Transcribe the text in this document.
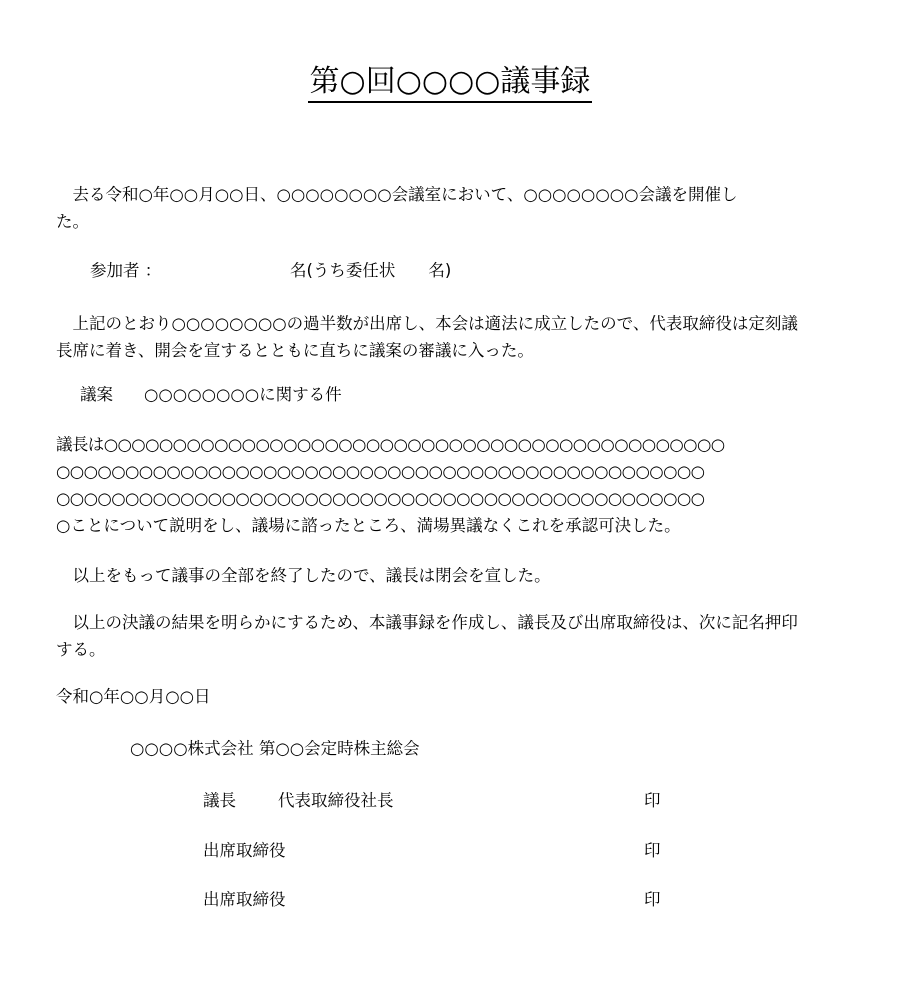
第○回○○○○議事録
　去る令和○年○○月○○日、○○○○○○○○会議室において、○○○○○○○○会議を開催し
た。
参加者 ：	名(うち委任状　　名)
　上記のとおり○○○○○○○○の過半数が出席し、本会は適法に成立したので、代表取締役は定刻議
長席に着き、開会を宣するとともに直ちに議案の審議に入った。
議案 ○○○○○○○○に関する件
議長は○○○○○○○○○○○○○○○○○○○○○○○○○○○○○○○○○○○○○○○○○○○○○
○○○○○○○○○○○○○○○○○○○○○○○○○○○○○○○○○○○○○○○○○○○○○○○
○○○○○○○○○○○○○○○○○○○○○○○○○○○○○○○○○○○○○○○○○○○○○○○
○ことについて説明をし、議場に諮ったところ、満場異議なくこれを承認可決した。
　以上をもって議事の全部を終了したので、議長は閉会を宣した。
　以上の決議の結果を明らかにするため、本議事録を作成し、議長及び出席取締役は、次に記名押印
する。
令和○年○○月○○日
○○○○株式会社 第○○会定時株主総会
議長	代表取締役社長	印
出席取締役	印
出席取締役	印
